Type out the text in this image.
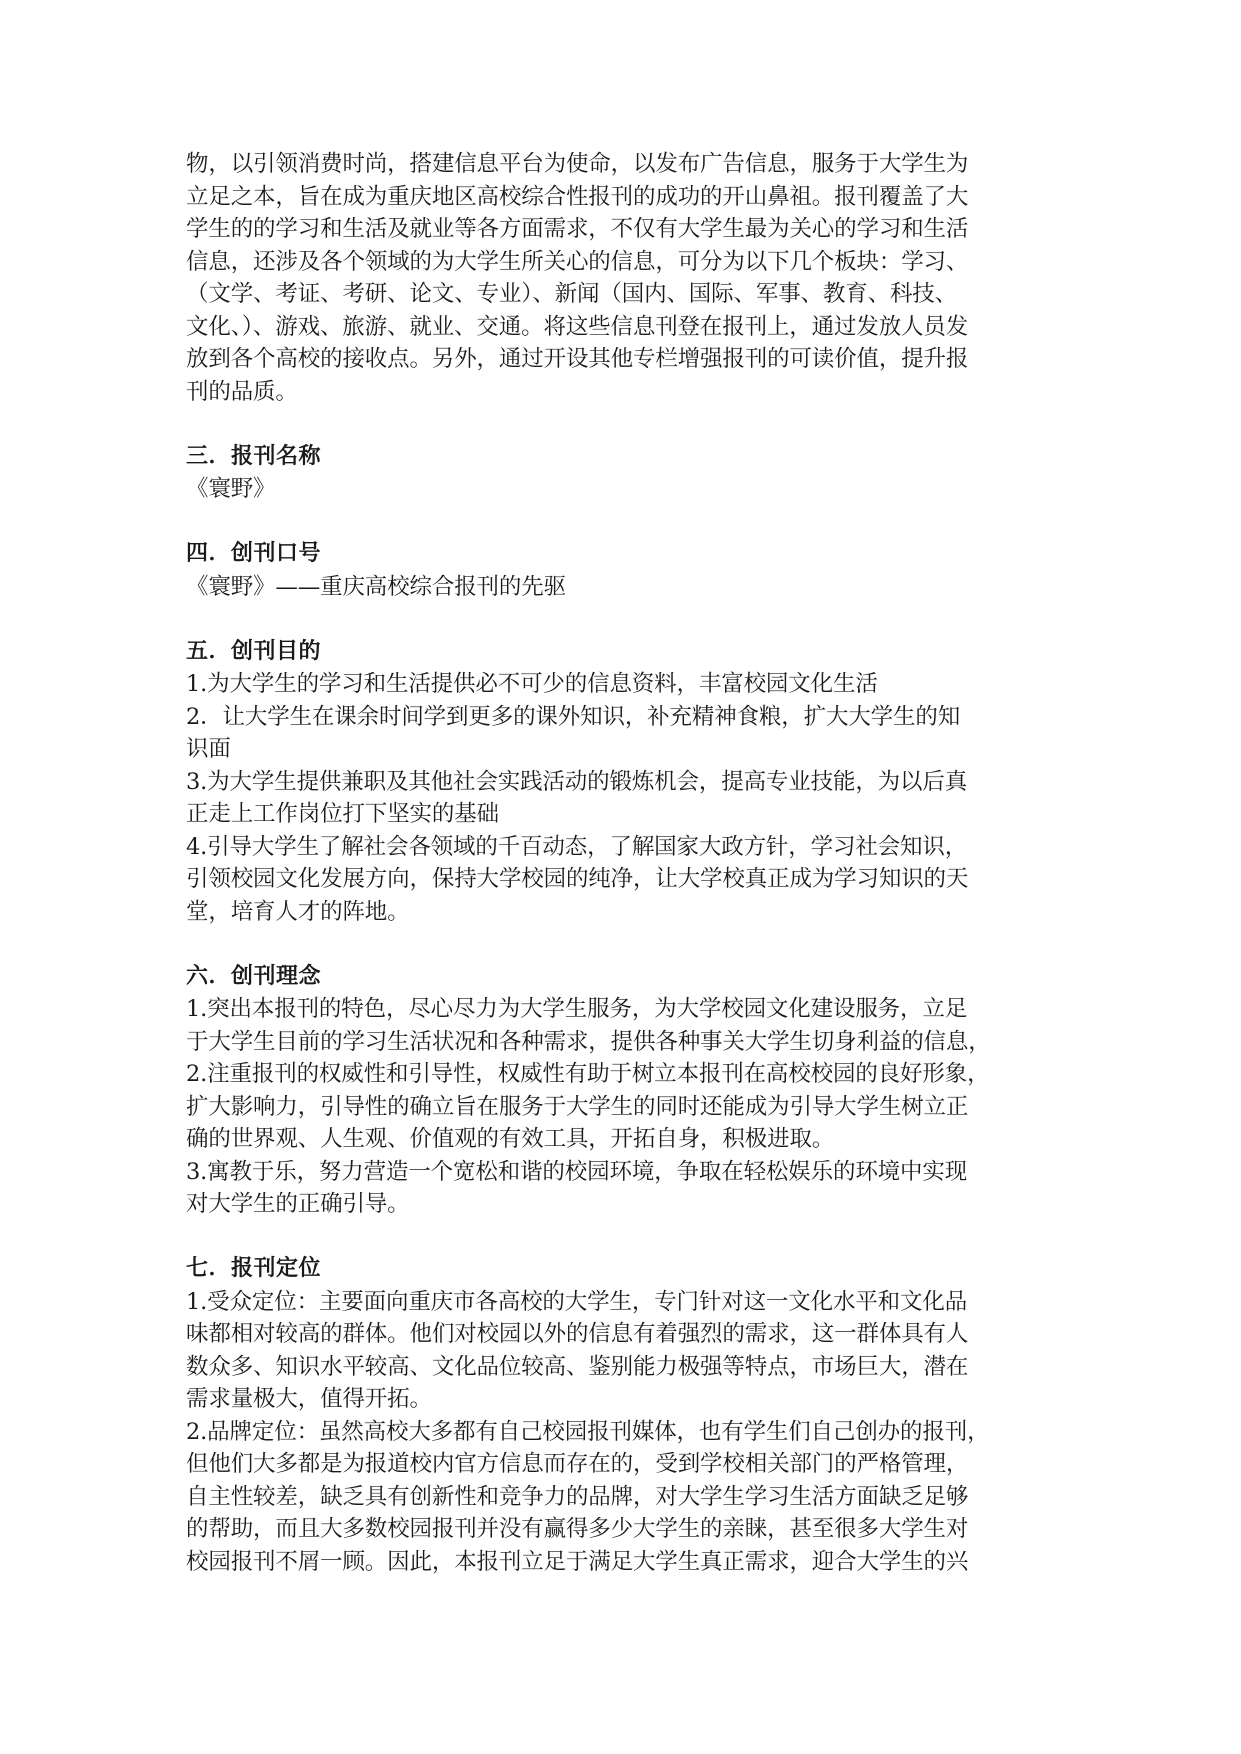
物，以引领消费时尚，搭建信息平台为使命，以发布广告信息，服务于大学生为
立足之本，旨在成为重庆地区高校综合性报刊的成功的开山鼻祖。报刊覆盖了大
学生的的学习和生活及就业等各方面需求，不仅有大学生最为关心的学习和生活
信息，还涉及各个领域的为大学生所关心的信息，可分为以下几个板块：学习、
（文学、考证、考研、论文、专业）、新闻（国内、国际、军事、教育、科技、
文化、）、游戏、旅游、就业、交通。将这些信息刊登在报刊上，通过发放人员发
放到各个高校的接收点。另外，通过开设其他专栏增强报刊的可读价值，提升报
刊的品质。
三．报刊名称
《寰野》
四．创刊口号
《寰野》——重庆高校综合报刊的先驱
五．创刊目的
1.为大学生的学习和生活提供必不可少的信息资料，丰富校园文化生活
2．让大学生在课余时间学到更多的课外知识，补充精神食粮，扩大大学生的知
识面
3.为大学生提供兼职及其他社会实践活动的锻炼机会，提高专业技能，为以后真
正走上工作岗位打下坚实的基础
4.引导大学生了解社会各领域的千百动态，了解国家大政方针，学习社会知识，
引领校园文化发展方向，保持大学校园的纯净，让大学校真正成为学习知识的天
堂，培育人才的阵地。
六．创刊理念
1.突出本报刊的特色，尽心尽力为大学生服务，为大学校园文化建设服务，立足
于大学生目前的学习生活状况和各种需求，提供各种事关大学生切身利益的信息，
2.注重报刊的权威性和引导性，权威性有助于树立本报刊在高校校园的良好形象，
扩大影响力，引导性的确立旨在服务于大学生的同时还能成为引导大学生树立正
确的世界观、人生观、价值观的有效工具，开拓自身，积极进取。
3.寓教于乐，努力营造一个宽松和谐的校园环境，争取在轻松娱乐的环境中实现
对大学生的正确引导。
七．报刊定位
1.受众定位：主要面向重庆市各高校的大学生，专门针对这一文化水平和文化品
味都相对较高的群体。他们对校园以外的信息有着强烈的需求，这一群体具有人
数众多、知识水平较高、文化品位较高、鉴别能力极强等特点，市场巨大，潜在
需求量极大，值得开拓。
2.品牌定位：虽然高校大多都有自己校园报刊媒体，也有学生们自己创办的报刊，
但他们大多都是为报道校内官方信息而存在的，受到学校相关部门的严格管理，
自主性较差，缺乏具有创新性和竞争力的品牌，对大学生学习生活方面缺乏足够
的帮助，而且大多数校园报刊并没有赢得多少大学生的亲睐，甚至很多大学生对
校园报刊不屑一顾。因此，本报刊立足于满足大学生真正需求，迎合大学生的兴
